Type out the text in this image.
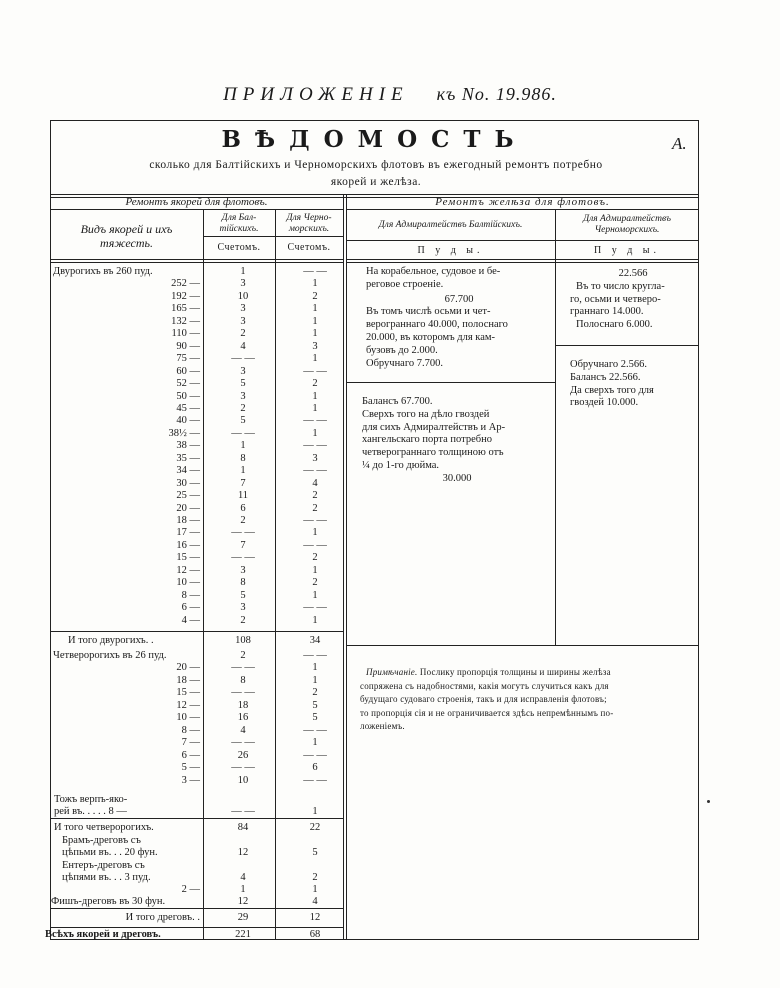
ПРИЛОЖЕНIЕ къ No. 19.986.
ВѢДОМОСТЬ	А.
сколько для Балтiйскихъ и Черноморскихъ флотовъ въ ежегодный ремонтъ потребно
якорей и желѣза.
Ремонтъ якорей для флотовъ.
Видъ якорей и ихъ
тяжесть.
Для Бал-
тiйскихъ.
Для Черно-
морскихъ.
Счетомъ.	Счетомъ.
Ремонтъ желѣза для флотовъ.
Для Адмиралтействъ Балтiйскихъ.
Для Адмиралтействъ
Черноморскихъ.
П у д ы.	П у д ы.
Двурогихъ въ 260 пуд.	1	— —
252 —	3	1
192 —	10	2
165 —	3	1
132 —	3	1
110 —	2	1
90 —	4	3
75 —	— —	1
60 —	3	— —
52 —	5	2
50 —	3	1
45 —	2	1
40 —	5	— —
38½ —	— —	1
38 —	1	— —
35 —	8	3
34 —	1	— —
30 —	7	4
25 —	11	2
20 —	6	2
18 —	2	— —
17 —	— —	1
16 —	7	— —
15 —	— —	2
12 —	3	1
10 —	8	2
8 —	5	1
6 —	3	— —
4 —	2	1
И того двурогихъ. .	108	34
Четверорогихъ въ 26 пуд.	2	— —
20 —	— —	1
18 —	8	1
15 —	— —	2
12 —	18	5
10 —	16	5
8 —	4	— —
7 —	— —	1
6 —	26	— —
5 —	— —	6
3 —	10	— —
Тожъ верпъ-яко-
рей въ. . . . . 8 —	— —	1
И того четверорогихъ.	84	22
Брамъ-дреговъ съ
цѣпьми въ. . . 20 фун.	12	5
Ентеръ-дреговъ съ
цѣпями въ. . . 3 пуд.	4	2
2 —	1	1
Фишъ-дреговъ въ 30 фун.	12	4
И того дреговъ. .	29	12
Всѣхъ якорей и дреговъ.	221	68
На корабельное, судовое и бе-
реговое строенiе.
67.700
Въ томъ числѣ осьми и чет-
верограннаго 40.000, полоснаго
20.000, въ которомъ для кам-
бузовъ до 2.000.
Обручнаго 7.700.
Балансъ 67.700.
Сверхъ того на дѣло гвоздей
для сихъ Адмиралтействъ и Ар-
хангельскаго порта потребно
четверограннаго толщиною отъ
¼ до 1-го дюйма.
30.000
22.566
Въ то число кругла-
го, осьми и четверо-
граннаго 14.000.
Полоснаго 6.000.
Обручнаго 2.566.
Балансъ 22.566.
Да сверхъ того для
гвоздей 10.000.
Примѣчанiе. Послику пропорцiя толщины и ширины желѣза
сопряжена съ надобностями, какiя могутъ случиться какъ для
будущаго судоваго строенiя, такъ и для исправленiя флотовъ;
то пропорцiя сiя и не ограничивается здѣсь непремѣннымъ по-
ложенiемъ.
